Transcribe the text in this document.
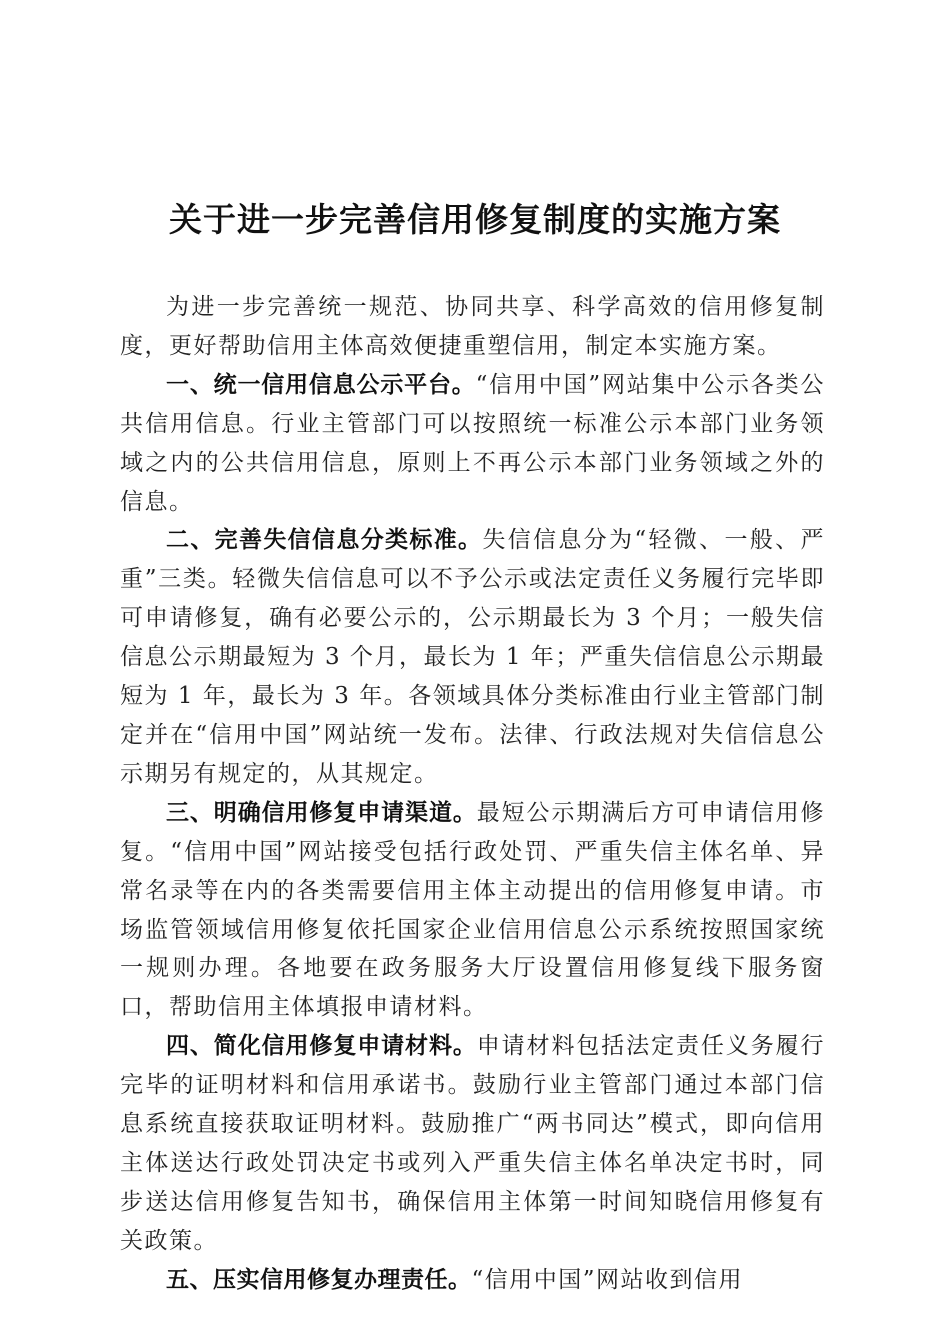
关于进一步完善信用修复制度的实施方案

为进一步完善统一规范、协同共享、科学高效的信用修复制度，更好帮助信用主体高效便捷重塑信用，制定本实施方案。

一、统一信用信息公示平台。“信用中国”网站集中公示各类公共信用信息。行业主管部门可以按照统一标准公示本部门业务领域之内的公共信用信息，原则上不再公示本部门业务领域之外的信息。

二、完善失信信息分类标准。失信信息分为“轻微、一般、严重”三类。轻微失信信息可以不予公示或法定责任义务履行完毕即可申请修复，确有必要公示的，公示期最长为 3 个月；一般失信信息公示期最短为 3 个月，最长为 1 年；严重失信信息公示期最短为 1 年，最长为 3 年。各领域具体分类标准由行业主管部门制定并在“信用中国”网站统一发布。法律、行政法规对失信信息公示期另有规定的，从其规定。

三、明确信用修复申请渠道。最短公示期满后方可申请信用修复。“信用中国”网站接受包括行政处罚、严重失信主体名单、异常名录等在内的各类需要信用主体主动提出的信用修复申请。市场监管领域信用修复依托国家企业信用信息公示系统按照国家统一规则办理。各地要在政务服务大厅设置信用修复线下服务窗口，帮助信用主体填报申请材料。

四、简化信用修复申请材料。申请材料包括法定责任义务履行完毕的证明材料和信用承诺书。鼓励行业主管部门通过本部门信息系统直接获取证明材料。鼓励推广“两书同达”模式，即向信用主体送达行政处罚决定书或列入严重失信主体名单决定书时，同步送达信用修复告知书，确保信用主体第一时间知晓信用修复有关政策。

五、压实信用修复办理责任。“信用中国”网站收到信用
